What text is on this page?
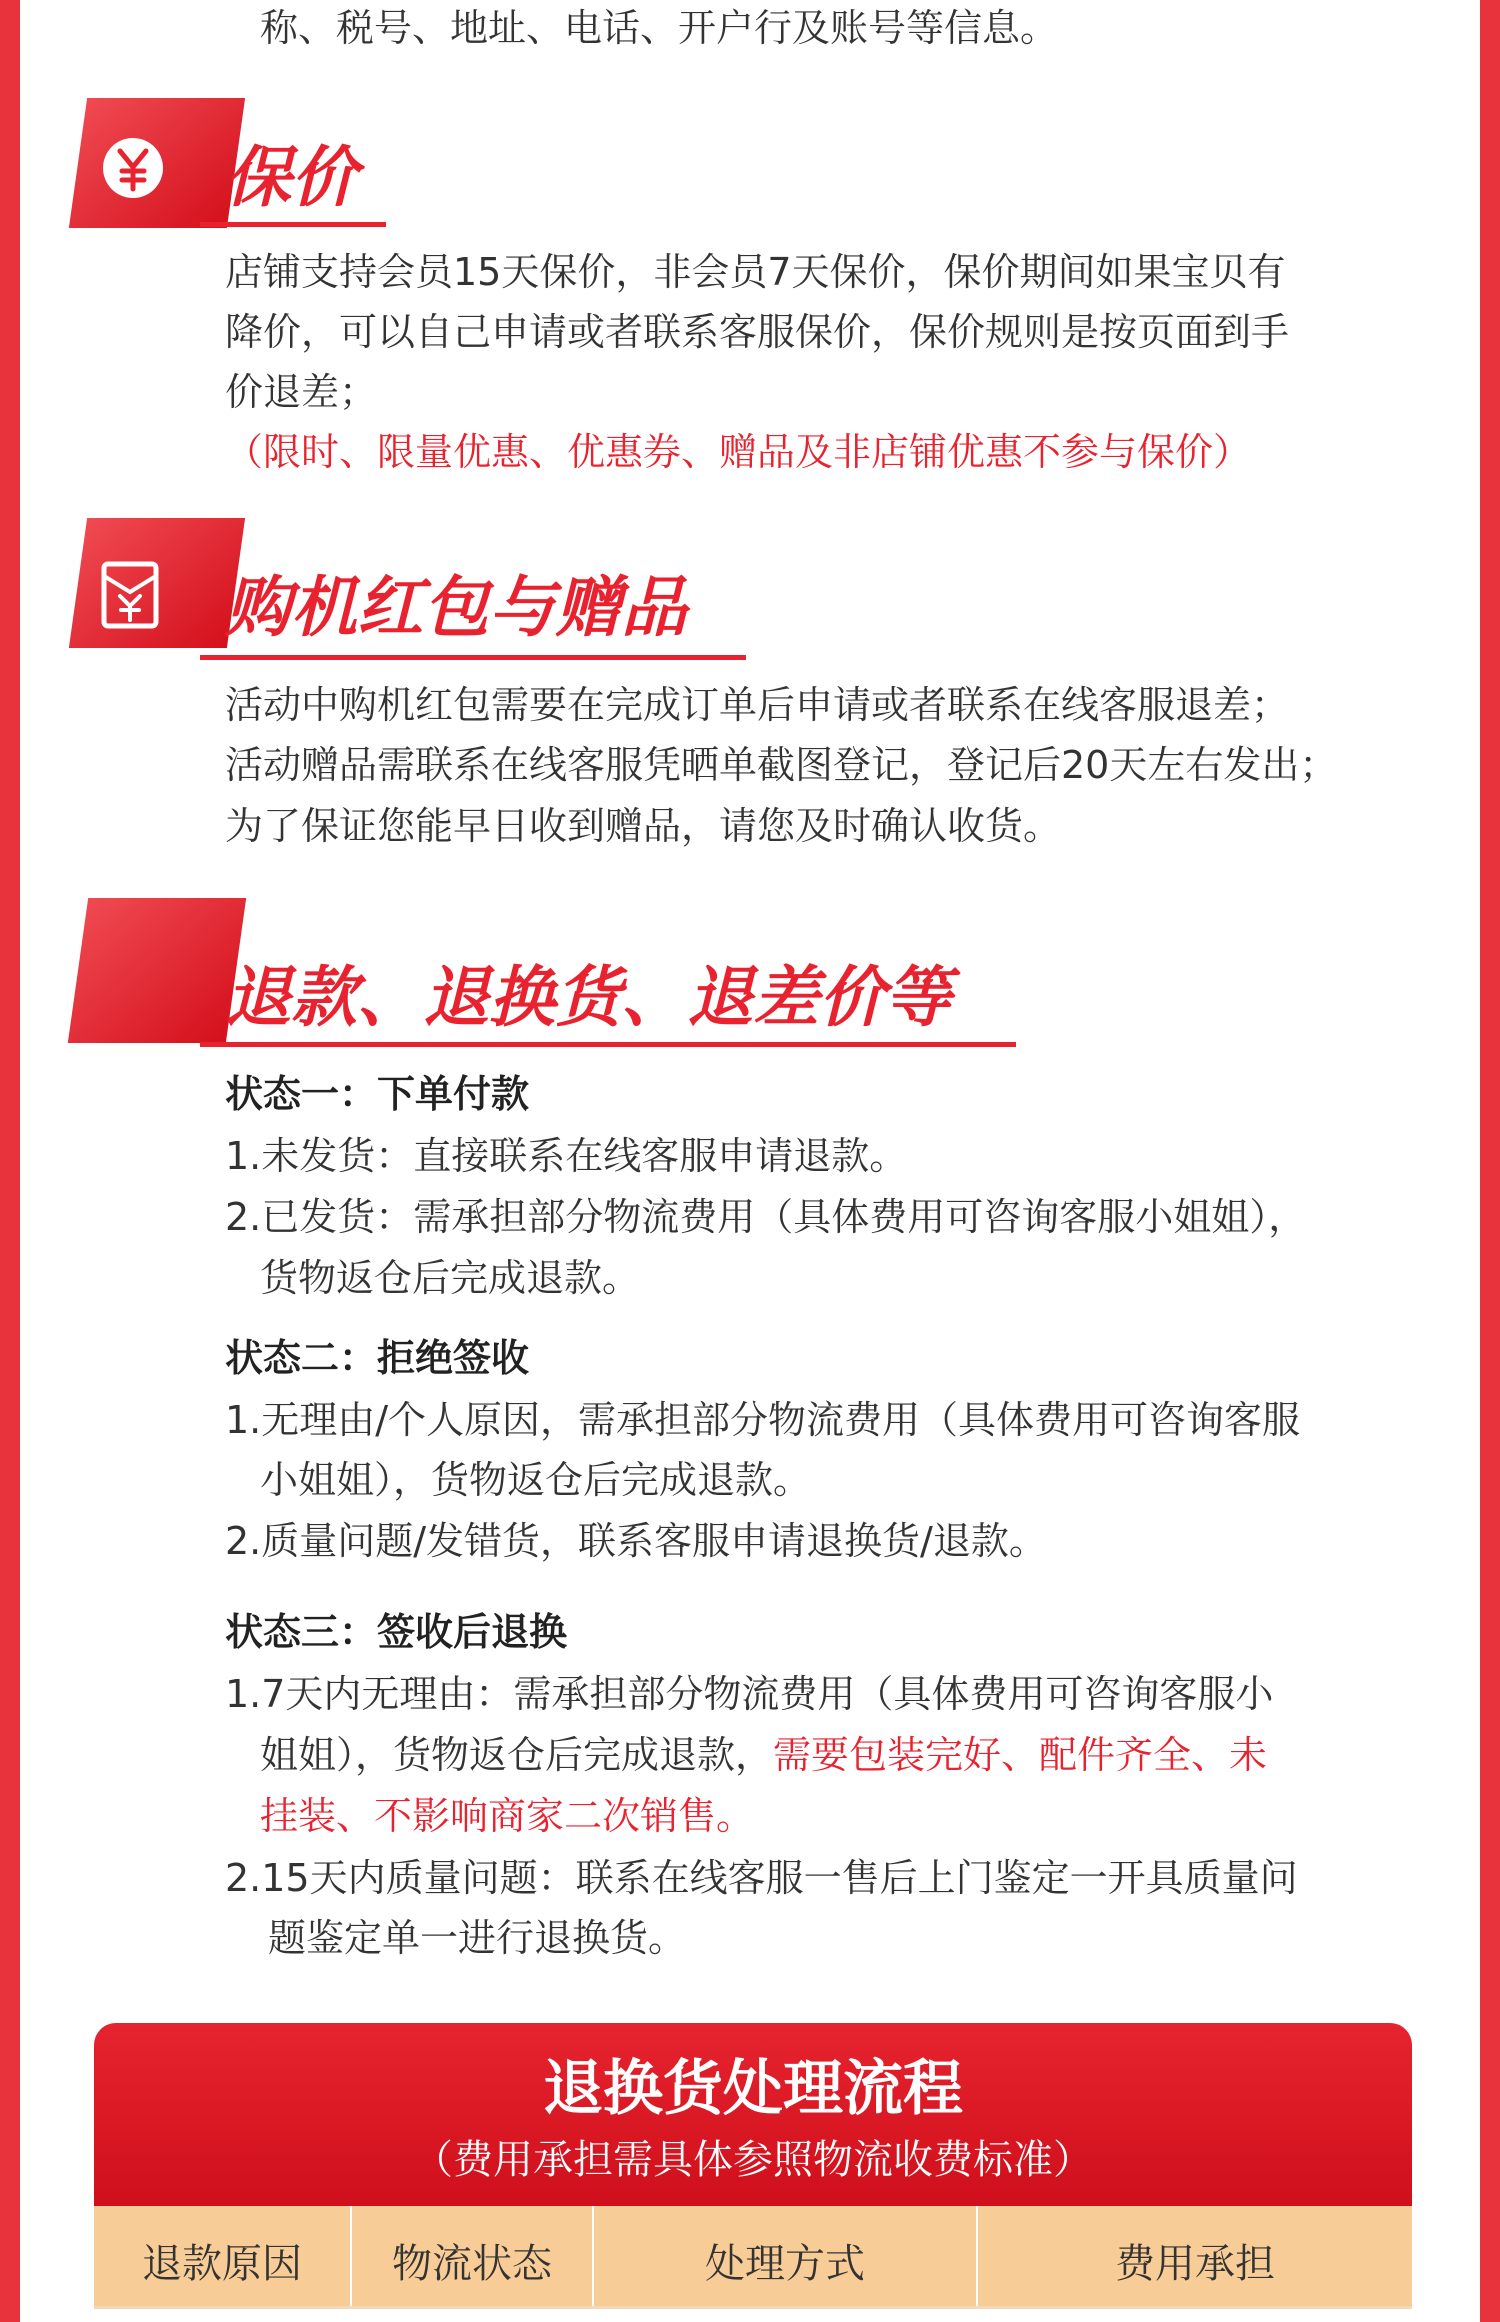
称、税号、地址、电话、开户行及账号等信息。
保价
店铺支持会员15天保价，非会员7天保价，保价期间如果宝贝有
降价，可以自己申请或者联系客服保价，保价规则是按页面到手
价退差；
（限时、限量优惠、优惠券、赠品及非店铺优惠不参与保价）
购机红包与赠品
活动中购机红包需要在完成订单后申请或者联系在线客服退差；
活动赠品需联系在线客服凭晒单截图登记，登记后20天左右发出；
为了保证您能早日收到赠品，请您及时确认收货。
退款、退换货、退差价等
状态一：下单付款
1.未发货：直接联系在线客服申请退款。
2.已发货：需承担部分物流费用（具体费用可咨询客服小姐姐），
货物返仓后完成退款。
状态二：拒绝签收
1.无理由/个人原因，需承担部分物流费用（具体费用可咨询客服
小姐姐），货物返仓后完成退款。
2.质量问题/发错货，联系客服申请退换货/退款。
状态三：签收后退换
1.7天内无理由：需承担部分物流费用（具体费用可咨询客服小
姐姐），货物返仓后完成退款，需要包装完好、配件齐全、未
挂装、不影响商家二次销售。
2.15天内质量问题：联系在线客服一售后上门鉴定一开具质量问
题鉴定单一进行退换货。
退换货处理流程
（费用承担需具体参照物流收费标准）
退款原因	物流状态	处理方式	费用承担
